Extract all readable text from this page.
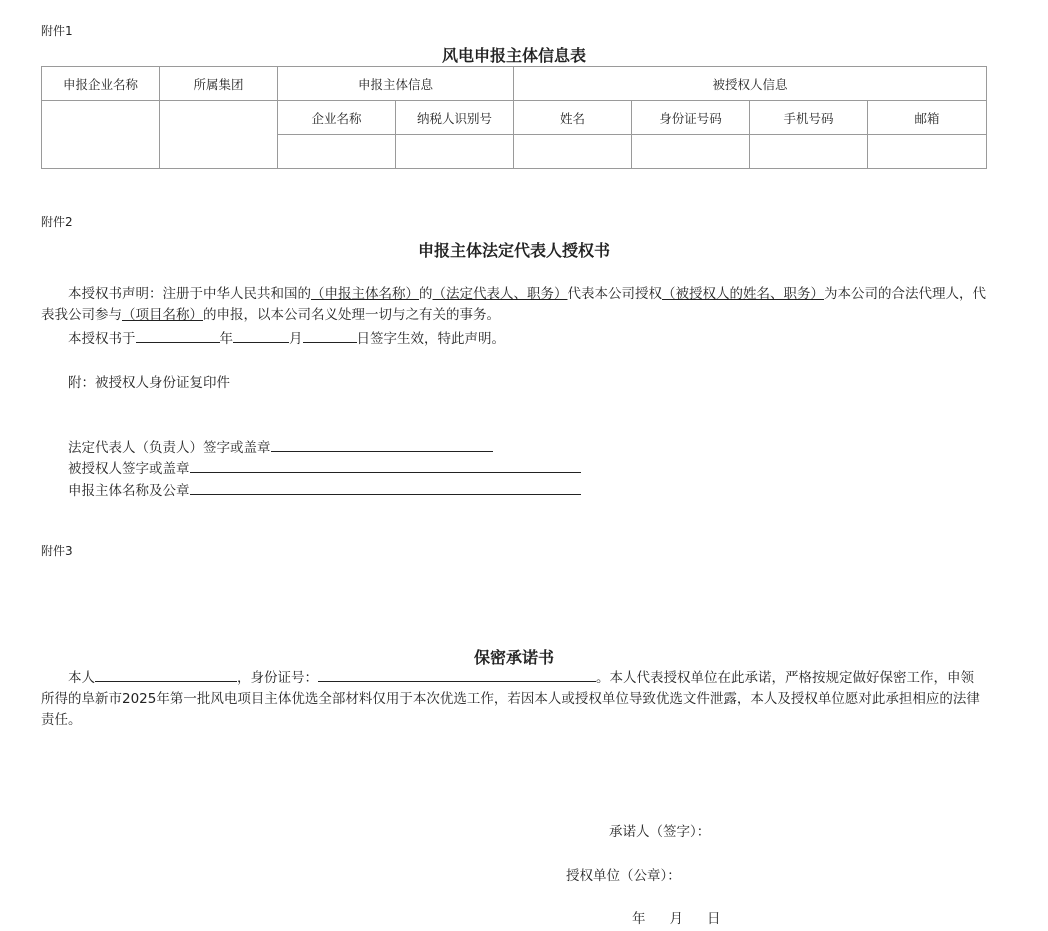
附件1
风电申报主体信息表
申报企业名称	所属集团	申报主体信息		被授权人信息			
		企业名称	纳税人识别号	姓名	身份证号码	手机号码	邮箱

附件2
申报主体法定代表人授权书
本授权书声明：注册于中华人民共和国的（申报主体名称）的（法定代表人、职务）代表本公司授权（被授权人的姓名、职务）为本公司的合法代理人，代表我公司参与（项目名称）的申报，以本公司名义处理一切与之有关的事务。
本授权书于	年	月	日签字生效，特此声明。
附：被授权人身份证复印件
法定代表人（负责人）签字或盖章
被授权人签字或盖章
申报主体名称及公章
附件3
保密承诺书
本人	，身份证号：	。本人代表授权单位在此承诺，严格按规定做好保密工作，申领所得的阜新市2025年第一批风电项目主体优选全部材料仅用于本次优选工作，若因本人或授权单位导致优选文件泄露，本人及授权单位愿对此承担相应的法律责任。
承诺人（签字）：
授权单位（公章）：
年 月 日
